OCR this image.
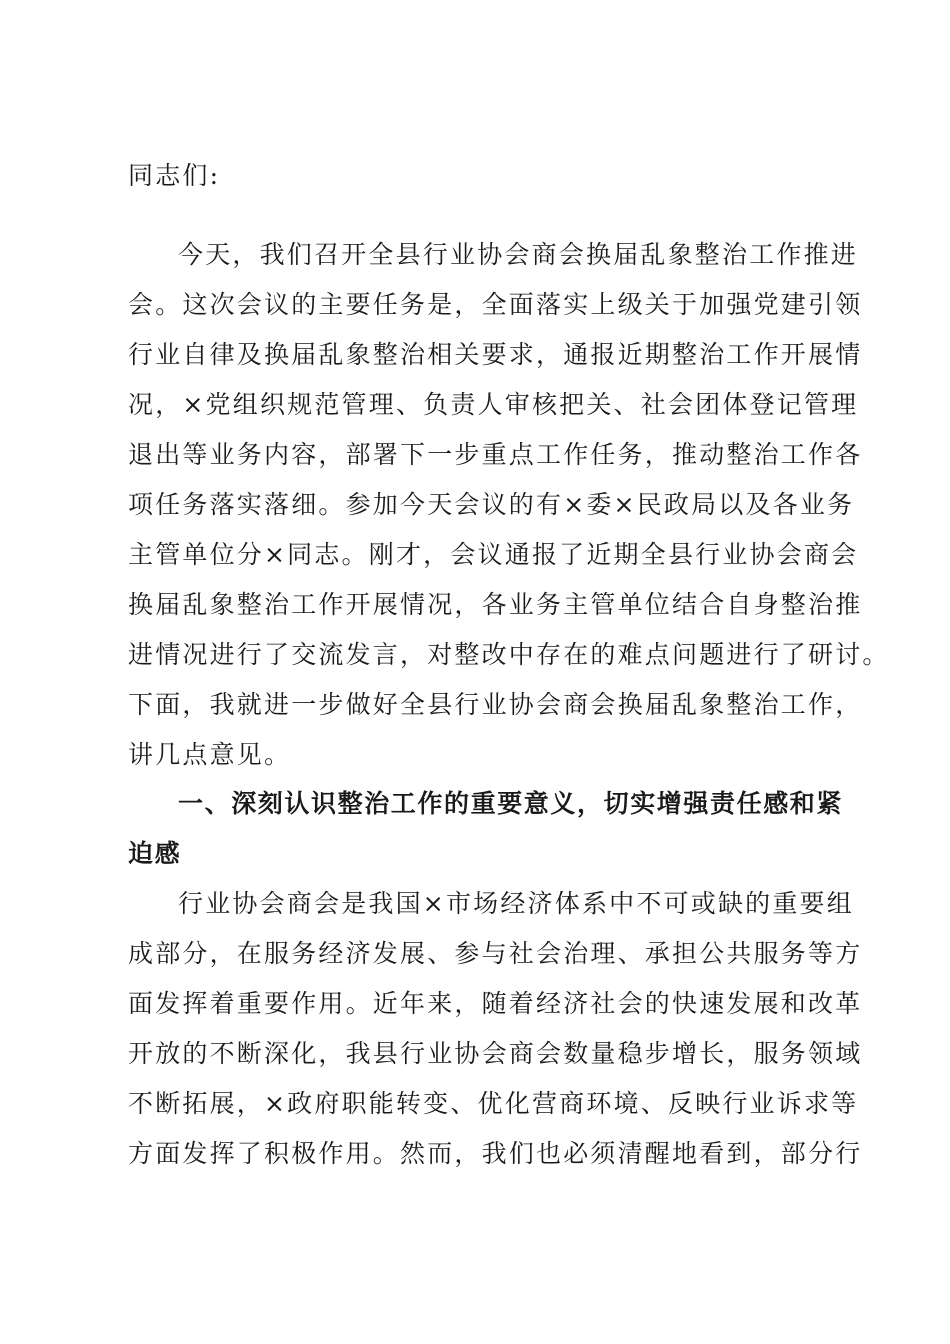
同志们:
今天，我们召开全县行业协会商会换届乱象整治工作推进
会。这次会议的主要任务是，全面落实上级关于加强党建引领
行业自律及换届乱象整治相关要求，通报近期整治工作开展情
况，×党组织规范管理、负责人审核把关、社会团体登记管理
退出等业务内容，部署下一步重点工作任务，推动整治工作各
项任务落实落细。参加今天会议的有×委×民政局以及各业务
主管单位分×同志。刚才，会议通报了近期全县行业协会商会
换届乱象整治工作开展情况，各业务主管单位结合自身整治推
进情况进行了交流发言，对整改中存在的难点问题进行了研讨。
下面，我就进一步做好全县行业协会商会换届乱象整治工作，
讲几点意见。
一、深刻认识整治工作的重要意义，切实增强责任感和紧
迫感
行业协会商会是我国×市场经济体系中不可或缺的重要组
成部分，在服务经济发展、参与社会治理、承担公共服务等方
面发挥着重要作用。近年来，随着经济社会的快速发展和改革
开放的不断深化，我县行业协会商会数量稳步增长，服务领域
不断拓展，×政府职能转变、优化营商环境、反映行业诉求等
方面发挥了积极作用。然而，我们也必须清醒地看到，部分行
